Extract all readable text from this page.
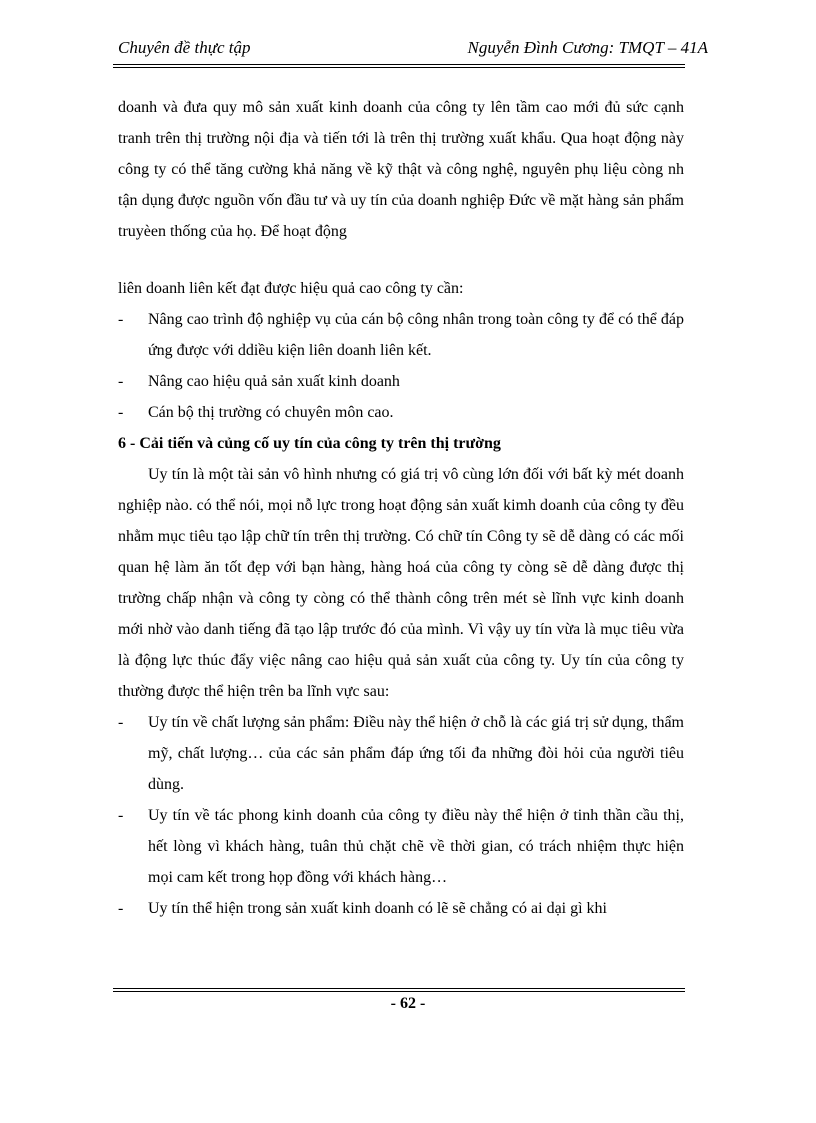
Chuyên đề thực tập	Nguyễn Đình Cương: TMQT – 41A

doanh và đưa quy mô sản xuất kinh doanh của công ty lên tầm cao mới đủ sức cạnh tranh trên thị trường nội địa và tiến tới là trên thị trường xuất khẩu. Qua hoạt động này công ty có thể tăng cường khả năng về kỹ thật và công nghệ, nguyên phụ liệu còng nh tận dụng được nguồn vốn đầu tư và uy tín của doanh nghiệp Đức về mặt hàng sản phẩm truyèen thống của họ. Để hoạt động

liên doanh liên kết đạt được hiệu quả cao công ty cần:

- Nâng cao trình độ nghiệp vụ của cán bộ công nhân trong toàn công ty để có thể đáp ứng được với ddiều kiện liên doanh liên kết.
- Nâng cao hiệu quả sản xuất kinh doanh
- Cán bộ thị trường có chuyên môn cao.

6 - Cải tiến và củng cố uy tín của công ty trên thị trường

Uy tín là một tài sản vô hình nhưng có giá trị vô cùng lớn đối với bất kỳ mét doanh nghiệp nào. có thể nói, mọi nỗ lực trong hoạt động sản xuất kimh doanh của công ty đều nhằm mục tiêu tạo lập chữ tín trên thị trường. Có chữ tín Công ty sẽ dễ dàng có các mối quan hệ làm ăn tốt đẹp với bạn hàng, hàng hoá của công ty còng sẽ dễ dàng được thị trường chấp nhận và công ty còng có thể thành công trên mét sè lĩnh vực kinh doanh mới nhờ vào danh tiếng đã tạo lập trước đó của mình. Vì vậy uy tín vừa là mục tiêu vừa là động lực thúc đẩy việc nâng cao hiệu quả sản xuất của công ty. Uy tín của công ty thường được thể hiện trên ba lĩnh vực sau:

- Uy tín về chất lượng sản phẩm: Điều này thể hiện ở chỗ là các giá trị sử dụng, thẩm mỹ, chất lượng… của các sản phẩm đáp ứng tối đa những đòi hỏi của người tiêu dùng.
- Uy tín về tác phong kinh doanh của công ty điều này thể hiện ở tinh thần cầu thị, hết lòng vì khách hàng, tuân thủ chặt chẽ về thời gian, có trách nhiệm thực hiện mọi cam kết trong họp đồng với khách hàng…
- Uy tín thể hiện trong sản xuất kinh doanh có lẽ sẽ chẳng có ai dại gì khi
- 62 -
